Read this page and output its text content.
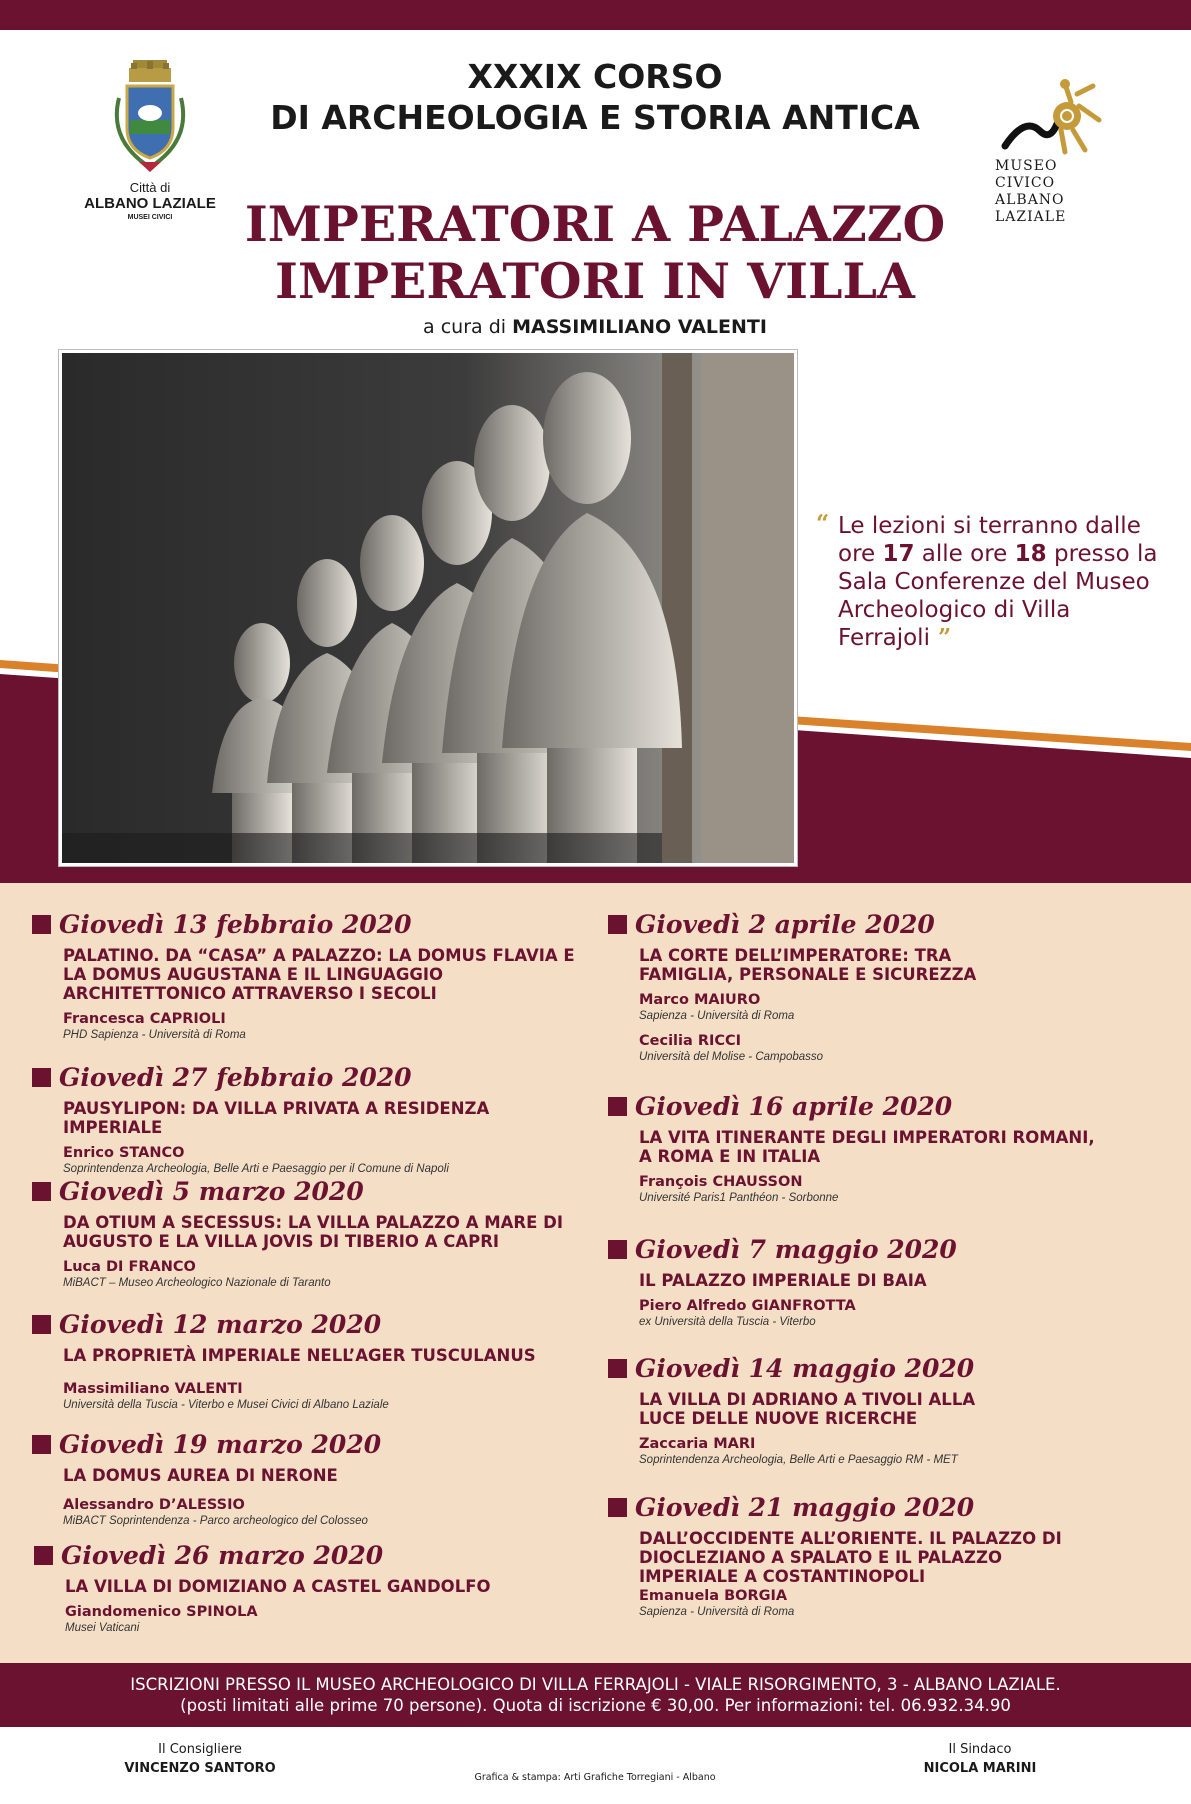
Città di
ALBANO LAZIALE
MUSEI CIVICI
XXXIX CORSO
DI ARCHEOLOGIA E STORIA ANTICA
IMPERATORI A PALAZZO
IMPERATORI IN VILLA
a cura di MASSIMILIANO VALENTI
MUSEO
CIVICO
ALBANO
LAZIALE
“ Le lezioni si terranno dalle ore 17 alle ore 18 presso la Sala Conferenze del Museo Archeologico di Villa Ferrajoli ”
Giovedì 13 febbraio 2020
PALATINO. DA “CASA” A PALAZZO: LA DOMUS FLAVIA E LA DOMUS AUGUSTANA E IL LINGUAGGIO ARCHITETTONICO ATTRAVERSO I SECOLI
Francesca CAPRIOLI
PHD Sapienza - Università di Roma
Giovedì 27 febbraio 2020
PAUSYLIPON: DA VILLA PRIVATA A RESIDENZA IMPERIALE
Enrico STANCO
Soprintendenza Archeologia, Belle Arti e Paesaggio per il Comune di Napoli
Giovedì 5 marzo 2020
DA OTIUM A SECESSUS: LA VILLA PALAZZO A MARE DI AUGUSTO E LA VILLA JOVIS DI TIBERIO A CAPRI
Luca DI FRANCO
MiBACT – Museo Archeologico Nazionale di Taranto
Giovedì 12 marzo 2020
LA PROPRIETÀ IMPERIALE NELL’AGER TUSCULANUS
Massimiliano VALENTI
Università della Tuscia - Viterbo e Musei Civici di Albano Laziale
Giovedì 19 marzo 2020
LA DOMUS AUREA DI NERONE
Alessandro D’ALESSIO
MiBACT Soprintendenza - Parco archeologico del Colosseo
Giovedì 26 marzo 2020
LA VILLA DI DOMIZIANO A CASTEL GANDOLFO
Giandomenico SPINOLA
Musei Vaticani
Giovedì 2 aprile 2020
LA CORTE DELL’IMPERATORE: TRA FAMIGLIA, PERSONALE E SICUREZZA
Marco MAIURO
Sapienza - Università di Roma
Cecilia RICCI
Università del Molise - Campobasso
Giovedì 16 aprile 2020
LA VITA ITINERANTE DEGLI IMPERATORI ROMANI, A ROMA E IN ITALIA
François CHAUSSON
Université Paris1 Panthéon - Sorbonne
Giovedì 7 maggio 2020
IL PALAZZO IMPERIALE DI BAIA
Piero Alfredo GIANFROTTA
ex Università della Tuscia - Viterbo
Giovedì 14 maggio 2020
LA VILLA DI ADRIANO A TIVOLI ALLA LUCE DELLE NUOVE RICERCHE
Zaccaria MARI
Soprintendenza Archeologia, Belle Arti e Paesaggio RM - MET
Giovedì 21 maggio 2020
DALL’OCCIDENTE ALL’ORIENTE. IL PALAZZO DI DIOCLEZIANO A SPALATO E IL PALAZZO IMPERIALE A COSTANTINOPOLI
Emanuela BORGIA
Sapienza - Università di Roma
ISCRIZIONI PRESSO IL MUSEO ARCHEOLOGICO DI VILLA FERRAJOLI - VIALE RISORGIMENTO, 3 - ALBANO LAZIALE.
(posti limitati alle prime 70 persone). Quota di iscrizione € 30,00. Per informazioni: tel. 06.932.34.90
Il Consigliere
VINCENZO SANTORO
Il Sindaco
NICOLA MARINI
Grafica & stampa: Arti Grafiche Torregiani - Albano
